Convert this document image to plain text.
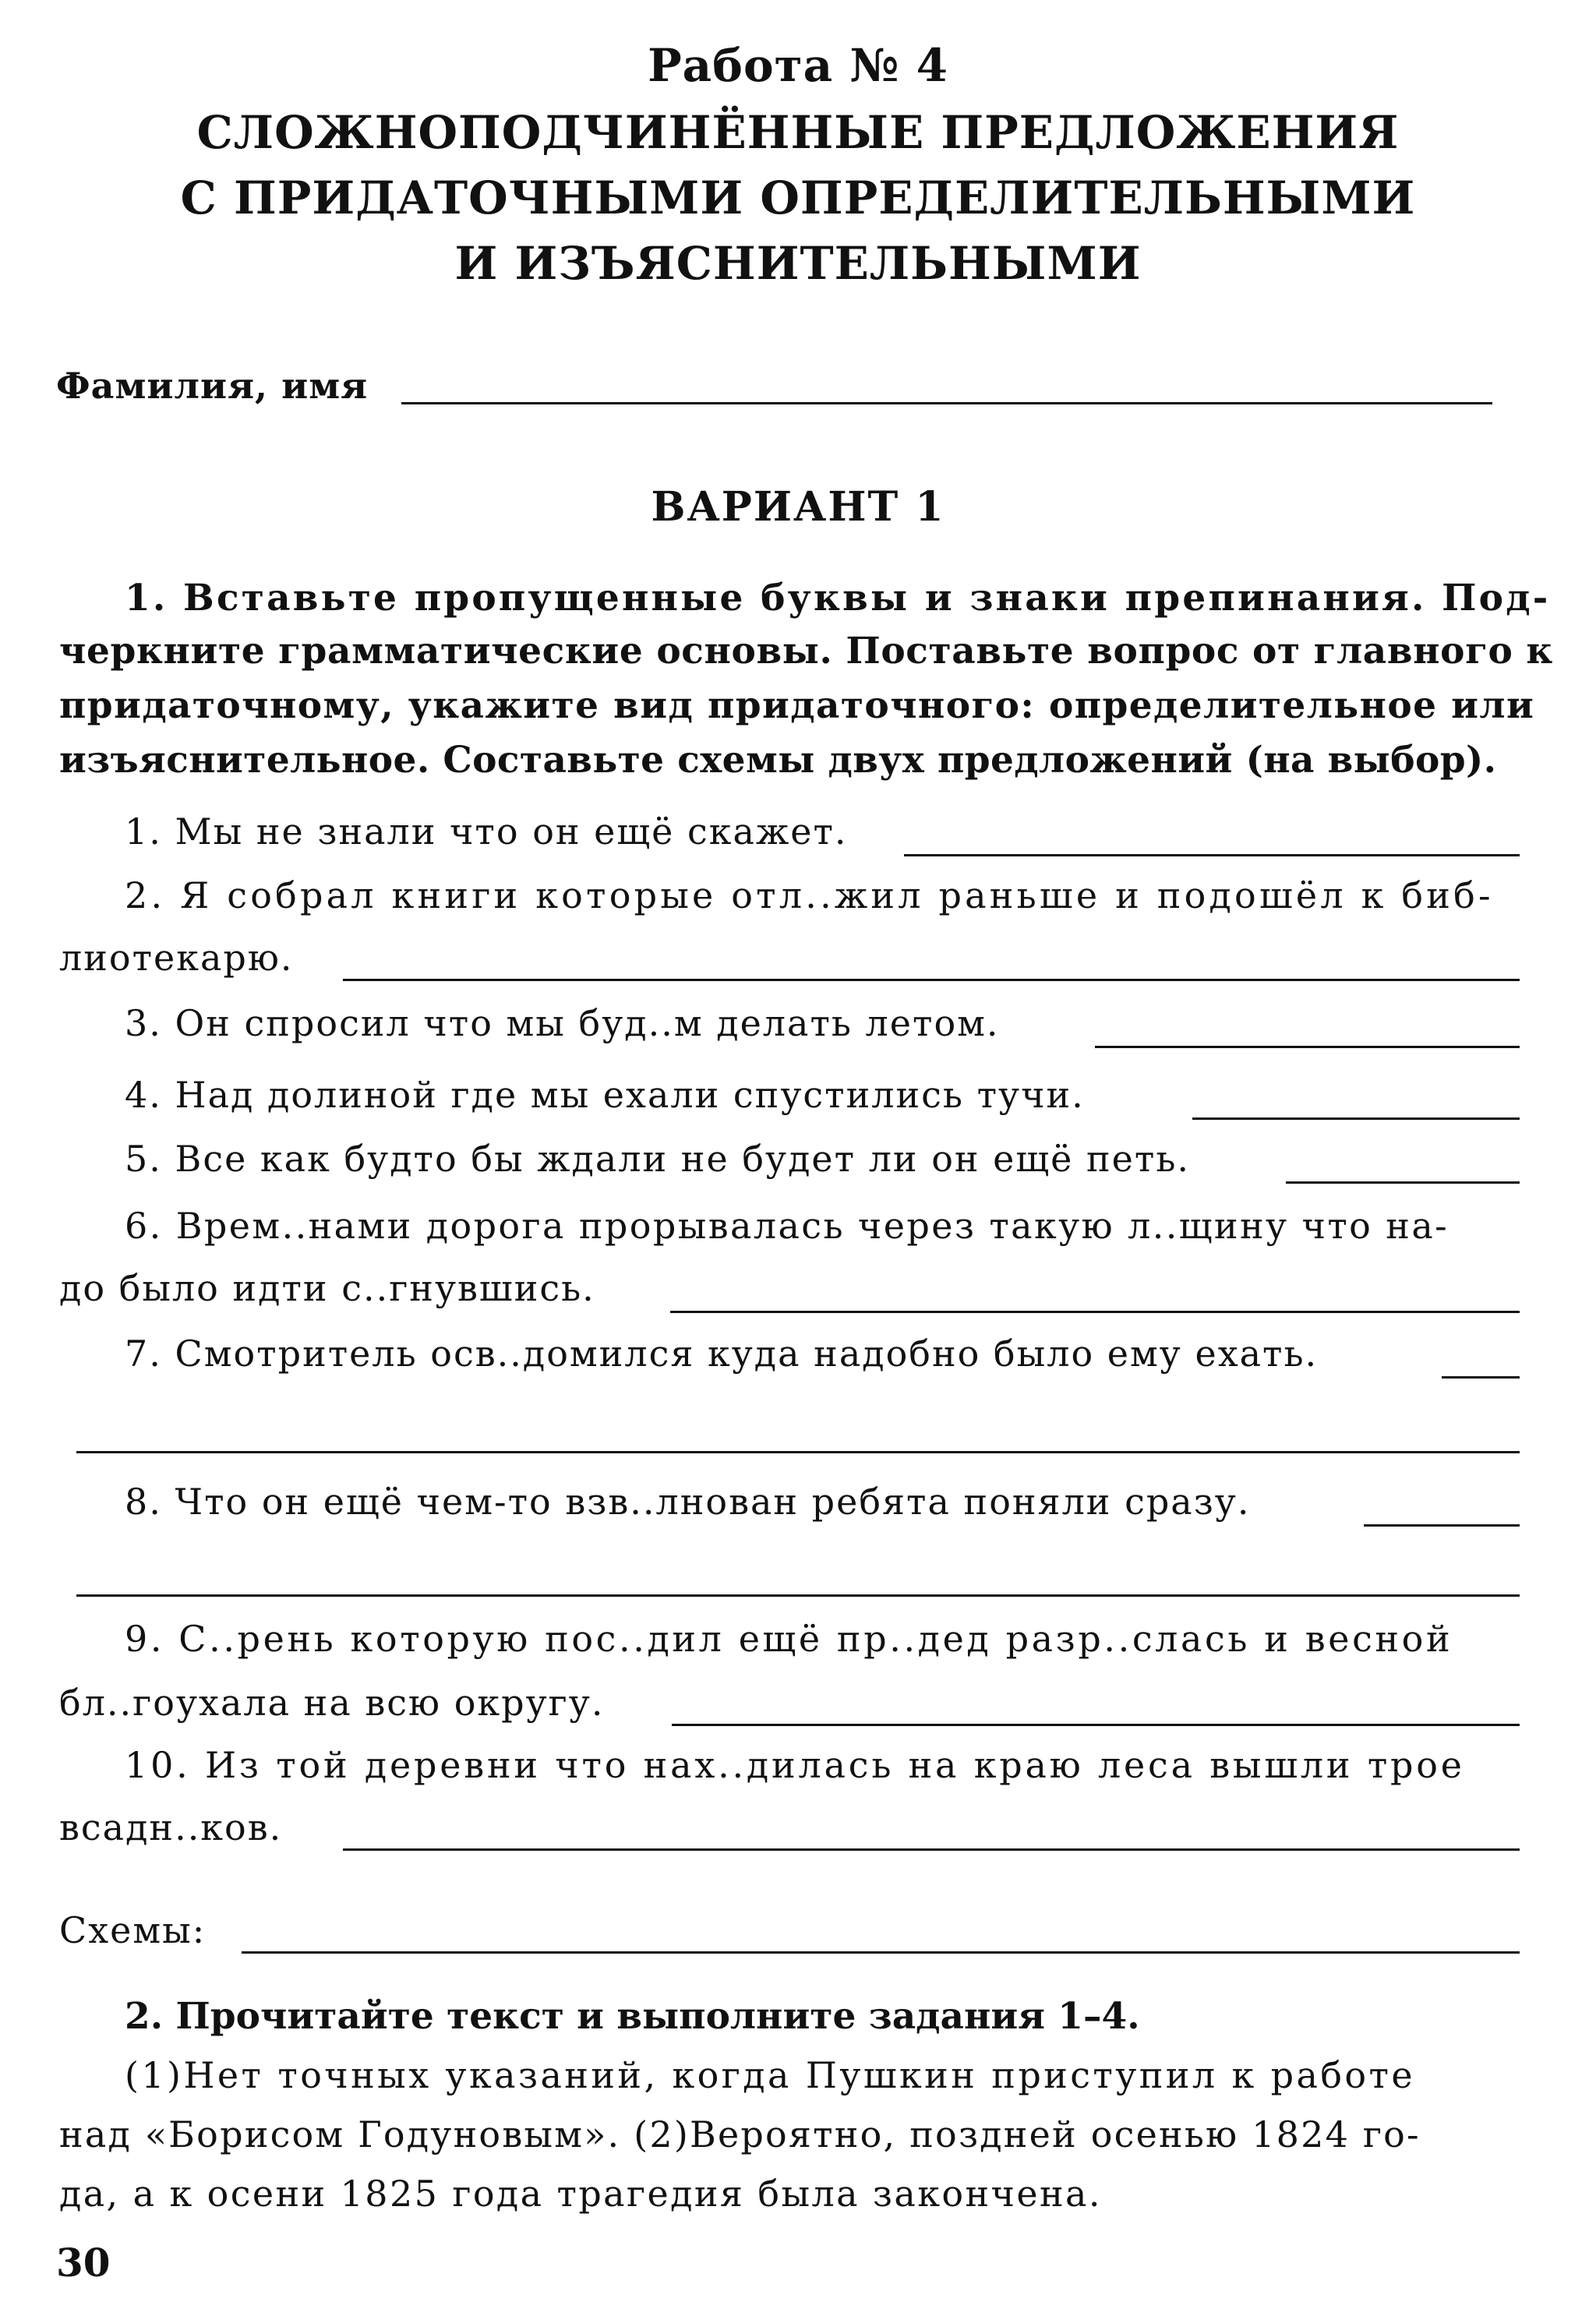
Работа № 4
СЛОЖНОПОДЧИНЁННЫЕ ПРЕДЛОЖЕНИЯ
С ПРИДАТОЧНЫМИ ОПРЕДЕЛИТЕЛЬНЫМИ
И ИЗЪЯСНИТЕЛЬНЫМИ
Фамилия, имя
ВАРИАНТ 1
1. Вставьте пропущенные буквы и знаки препинания. Под-
черкните грамматические основы. Поставьте вопрос от главного к
придаточному, укажите вид придаточного: определительное или
изъяснительное. Составьте схемы двух предложений (на выбор).
1. Мы не знали что он ещё скажет.
2. Я собрал книги которые отл..жил раньше и подошёл к биб-
лиотекарю.
3. Он спросил что мы буд..м делать летом.
4. Над долиной где мы ехали спустились тучи.
5. Все как будто бы ждали не будет ли он ещё петь.
6. Врем..нами дорога прорывалась через такую л..щину что на-
до было идти с..гнувшись.
7. Смотритель осв..домился куда надобно было ему ехать.
8. Что он ещё чем-то взв..лнован ребята поняли сразу.
9. С..рень которую пос..дил ещё пр..дед разр..слась и весной
бл..гоухала на всю округу.
10. Из той деревни что нах..дилась на краю леса вышли трое
всадн..ков.
Схемы:
2. Прочитайте текст и выполните задания 1–4.
(1)Нет точных указаний, когда Пушкин приступил к работе
над «Борисом Годуновым». (2)Вероятно, поздней осенью 1824 го-
да, а к осени 1825 года трагедия была закончена.
30
